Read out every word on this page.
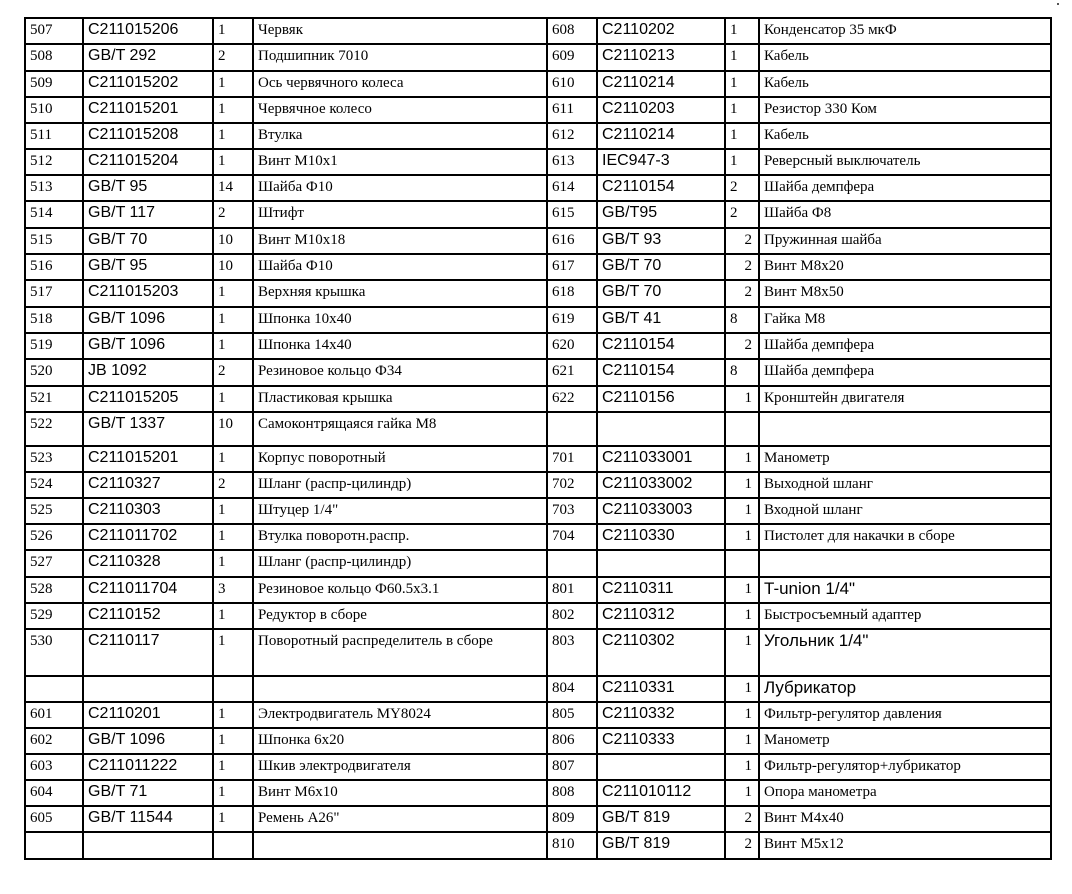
507	C211015206	1	Червяк	608	C2110202	1	Конденсатор 35 мкФ
508	GB/T 292	2	Подшипник 7010	609	C2110213	1	Кабель
509	C211015202	1	Ось червячного колеса	610	C2110214	1	Кабель
510	C211015201	1	Червячное колесо	611	C2110203	1	Резистор 330 Ком
511	C211015208	1	Втулка	612	C2110214	1	Кабель
512	C211015204	1	Винт М10x1	613	IEC947-3	1	Реверсный выключатель
513	GB/T 95	14	Шайба Ф10	614	C2110154	2	Шайба демпфера
514	GB/T 117	2	Штифт	615	GB/T95	2	Шайба Ф8
515	GB/T 70	10	Винт М10x18	616	GB/T 93	2	Пружинная шайба
516	GB/T 95	10	Шайба Ф10	617	GB/T 70	2	Винт М8x20
517	C211015203	1	Верхняя крышка	618	GB/T 70	2	Винт М8x50
518	GB/T 1096	1	Шпонка 10x40	619	GB/T 41	8	Гайка М8
519	GB/T 1096	1	Шпонка 14x40	620	C2110154	2	Шайба демпфера
520	JB 1092	2	Резиновое кольцо Ф34	621	C2110154	8	Шайба демпфера
521	C211015205	1	Пластиковая крышка	622	C2110156	1	Кронштейн двигателя
522	GB/T 1337	10	Самоконтрящаяся гайка М8				
523	C211015201	1	Корпус поворотный	701	C211033001	1	Манометр
524	C2110327	2	Шланг (распр-цилиндр)	702	C211033002	1	Выходной шланг
525	C2110303	1	Штуцер 1/4"	703	C211033003	1	Входной шланг
526	C211011702	1	Втулка поворотн.распр.	704	C2110330	1	Пистолет для накачки в сборе
527	C2110328	1	Шланг (распр-цилиндр)				
528	C211011704	3	Резиновое кольцо Ф60.5x3.1	801	C2110311	1	T-union 1/4"
529	C2110152	1	Редуктор в сборе	802	C2110312	1	Быстросъемный адаптер
530	C2110117	1	Поворотный распределитель в сборе	803	C2110302	1	Угольник 1/4"
				804	C2110331	1	Лубрикатор
601	C2110201	1	Электродвигатель MY8024	805	C2110332	1	Фильтр-регулятор давления
602	GB/T 1096	1	Шпонка 6x20	806	C2110333	1	Манометр
603	C211011222	1	Шкив электродвигателя	807		1	Фильтр-регулятор+лубрикатор
604	GB/T 71	1	Винт М6x10	808	C211010112	1	Опора манометра
605	GB/T 11544	1	Ремень А26"	809	GB/T 819	2	Винт М4x40
				810	GB/T 819	2	Винт М5x12
